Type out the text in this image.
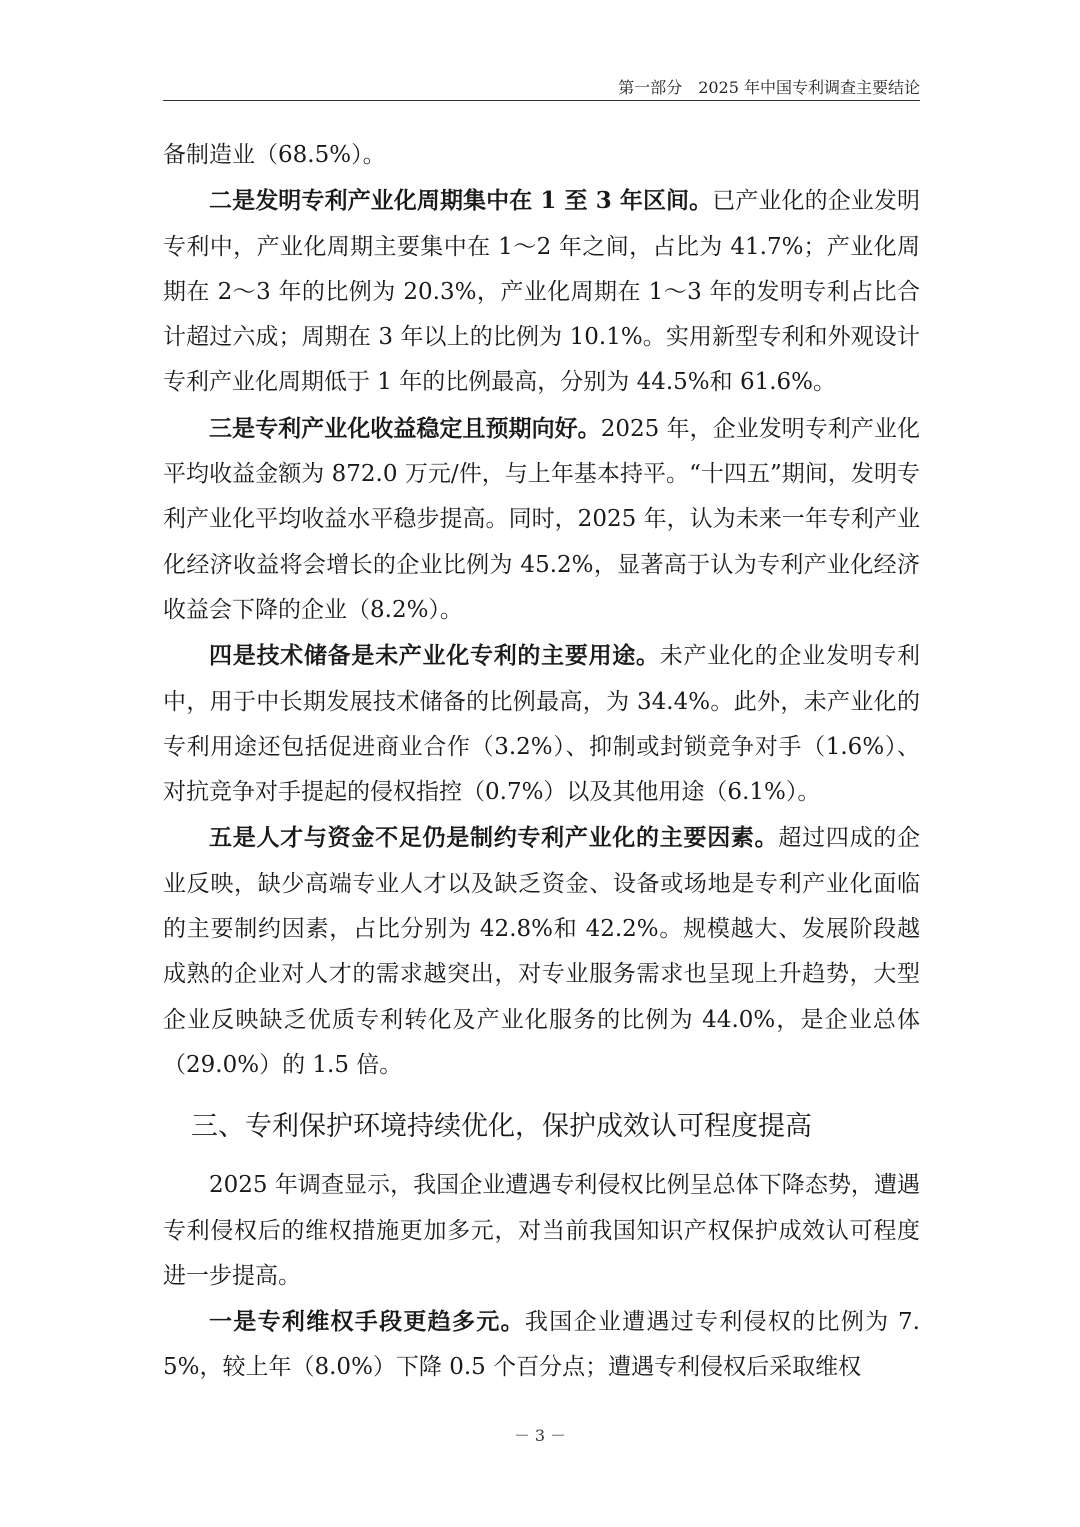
第一部分　2025 年中国专利调查主要结论

备制造业（68.5%）。

二是发明专利产业化周期集中在 1 至 3 年区间。已产业化的企业发明专利中，产业化周期主要集中在 1～2 年之间，占比为 41.7%；产业化周期在 2～3 年的比例为 20.3%，产业化周期在 1～3 年的发明专利占比合计超过六成；周期在 3 年以上的比例为 10.1%。实用新型专利和外观设计专利产业化周期低于 1 年的比例最高，分别为 44.5%和 61.6%。

三是专利产业化收益稳定且预期向好。2025 年，企业发明专利产业化平均收益金额为 872.0 万元/件，与上年基本持平。“十四五”期间，发明专利产业化平均收益水平稳步提高。同时，2025 年，认为未来一年专利产业化经济收益将会增长的企业比例为 45.2%，显著高于认为专利产业化经济收益会下降的企业（8.2%）。

四是技术储备是未产业化专利的主要用途。未产业化的企业发明专利中，用于中长期发展技术储备的比例最高，为 34.4%。此外，未产业化的专利用途还包括促进商业合作（3.2%）、抑制或封锁竞争对手（1.6%）、对抗竞争对手提起的侵权指控（0.7%）以及其他用途（6.1%）。

五是人才与资金不足仍是制约专利产业化的主要因素。超过四成的企业反映，缺少高端专业人才以及缺乏资金、设备或场地是专利产业化面临的主要制约因素，占比分别为 42.8%和 42.2%。规模越大、发展阶段越成熟的企业对人才的需求越突出，对专业服务需求也呈现上升趋势，大型企业反映缺乏优质专利转化及产业化服务的比例为 44.0%，是企业总体（29.0%）的 1.5 倍。

三、专利保护环境持续优化，保护成效认可程度提高

2025 年调查显示，我国企业遭遇专利侵权比例呈总体下降态势，遭遇专利侵权后的维权措施更加多元，对当前我国知识产权保护成效认可程度进一步提高。

一是专利维权手段更趋多元。我国企业遭遇过专利侵权的比例为 7.5%，较上年（8.0%）下降 0.5 个百分点；遭遇专利侵权后采取维权

－ 3 －
